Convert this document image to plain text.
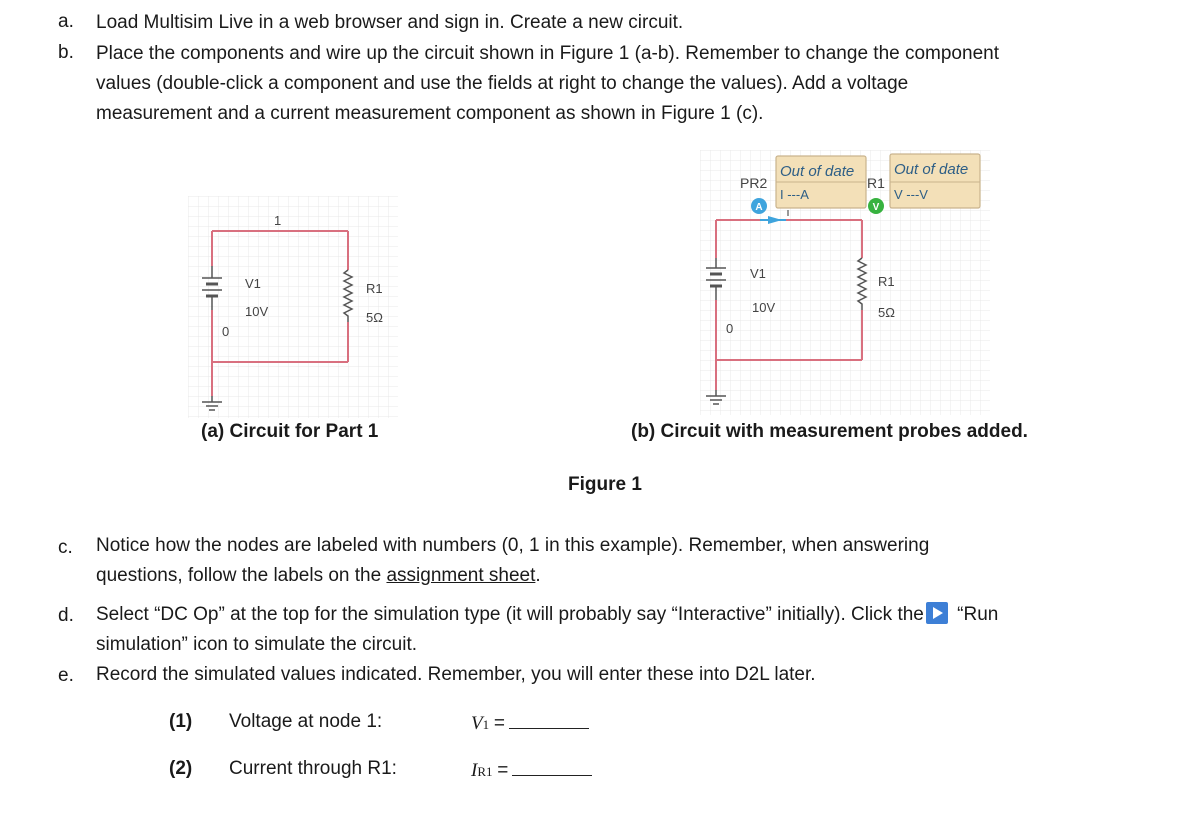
a.	Load Multisim Live in a web browser and sign in. Create a new circuit.
b.	Place the components and wire up the circuit shown in Figure 1 (a-b). Remember to change the component
values (double-click a component and use the fields at right to change the values). Add a voltage
measurement and a current measurement component as shown in Figure 1 (c).
1
0
V1
10V
R1
5Ω
PR2
Out of date
I ---A
A
R1
Out of date
V ---V
V
0
V1
10V
R1
5Ω
(a) Circuit for Part 1	(b) Circuit with measurement probes added.
Figure 1
c.	Notice how the nodes are labeled with numbers (0, 1 in this example). Remember, when answering
questions, follow the labels on the assignment sheet.
d.	Select “DC Op” at the top for the simulation type (it will probably say “Interactive” initially). Click the “Run
simulation” icon to simulate the circuit.
e.	Record the simulated values indicated. Remember, you will enter these into D2L later.
(1) Voltage at node 1:	V1 =
(2) Current through R1:	IR1 =
